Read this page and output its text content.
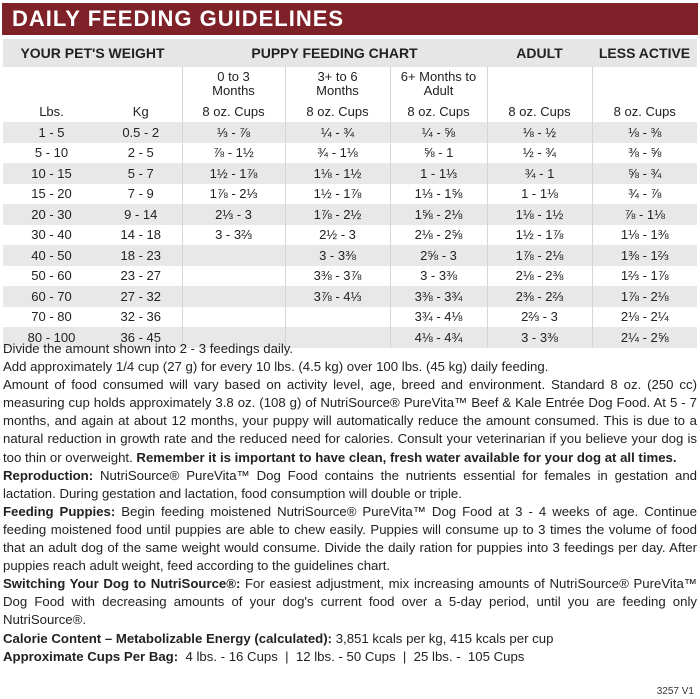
DAILY FEEDING GUIDELINES
YOUR PET'S WEIGHT		PUPPY FEEDING CHART			ADULT	LESS ACTIVE
		0 to 3 Months	3+ to 6 Months	6+ Months to Adult		
Lbs.	Kg	8 oz. Cups	8 oz. Cups	8 oz. Cups	8 oz. Cups	8 oz. Cups
1 - 5	0.5 - 2	⅓ - ⅞	¼ - ¾	¼ - ⅝	⅛ - ½	⅛ - ⅜
5 - 10	2 - 5	⅞ - 1½	¾ - 1⅛	⅝ - 1	½ - ¾	⅜ - ⅝
10 - 15	5 - 7	1½ - 1⅞	1⅛ - 1½	1 - 1⅓	¾ - 1	⅝ - ¾
15 - 20	7 - 9	1⅞ - 2⅓	1½ - 1⅞	1⅓ - 1⅝	1 - 1⅛	¾ - ⅞
20 - 30	9 - 14	2⅓ - 3	1⅞ - 2½	1⅝ - 2⅛	1⅛ - 1½	⅞ - 1⅛
30 - 40	14 - 18	3 - 3⅔	2½ - 3	2⅛ - 2⅝	1½ - 1⅞	1⅛ - 1⅜
40 - 50	18 - 23		3 - 3⅜	2⅝ - 3	1⅞ - 2⅛	1⅜ - 1⅔
50 - 60	23 - 27		3⅜ - 3⅞	3 - 3⅜	2⅛ - 2⅜	1⅔ - 1⅞
60 - 70	27 - 32		3⅞ - 4⅓	3⅜ - 3¾	2⅜ - 2⅔	1⅞ - 2⅛
70 - 80	32 - 36			3¾ - 4⅛	2⅔ - 3	2⅛ - 2¼
80 - 100	36 - 45			4⅛ - 4¾	3 - 3⅜	2¼ - 2⅝

Divide the amount shown into 2 - 3 feedings daily.

Add approximately 1/4 cup (27 g) for every 10 lbs. (4.5 kg) over 100 lbs. (45 kg) daily feeding.

Amount of food consumed will vary based on activity level, age, breed and environment. Standard 8 oz. (250 cc) measuring cup holds approximately 3.8 oz. (108 g) of NutriSource® PureVita™ Beef & Kale Entrée Dog Food. At 5 - 7 months, and again at about 12 months, your puppy will automatically reduce the amount consumed. This is due to a natural reduction in growth rate and the reduced need for calories. Consult your veterinarian if you believe your dog is too thin or overweight. Remember it is important to have clean, fresh water available for your dog at all times.

Reproduction: NutriSource® PureVita™ Dog Food contains the nutrients essential for females in gestation and lactation. During gestation and lactation, food consumption will double or triple.

Feeding Puppies: Begin feeding moistened NutriSource® PureVita™ Dog Food at 3 - 4 weeks of age. Continue feeding moistened food until puppies are able to chew easily. Puppies will consume up to 3 times the volume of food that an adult dog of the same weight would consume. Divide the daily ration for puppies into 3 feedings per day. After puppies reach adult weight, feed according to the guidelines chart.

Switching Your Dog to NutriSource®: For easiest adjustment, mix increasing amounts of NutriSource® PureVita™ Dog Food with decreasing amounts of your dog's current food over a 5-day period, until you are feeding only NutriSource®.

Calorie Content – Metabolizable Energy (calculated): 3,851 kcals per kg, 415 kcals per cup

Approximate Cups Per Bag:  4 lbs. - 16 Cups  |  12 lbs. - 50 Cups  |  25 lbs. -  105 Cups

3257 V1
